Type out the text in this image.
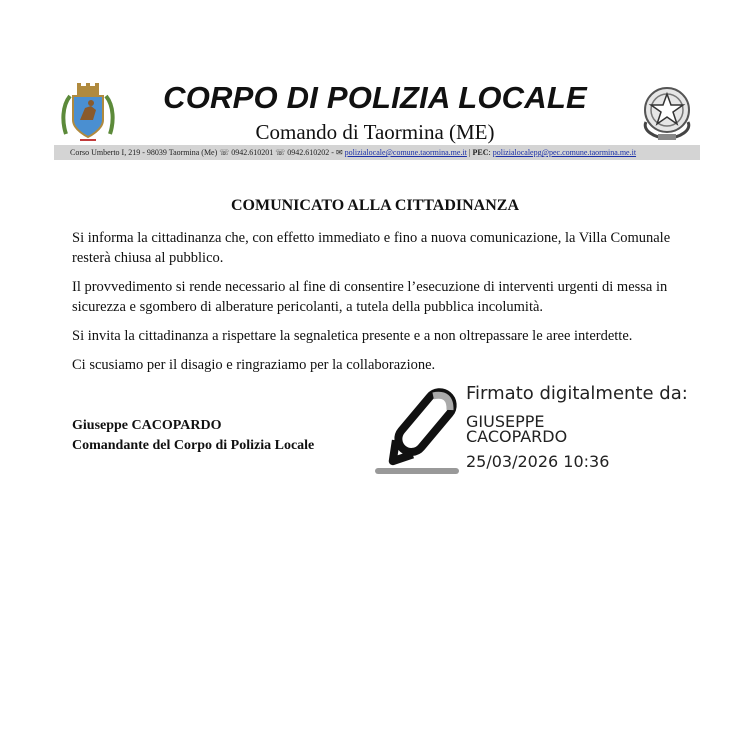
CORPO DI POLIZIA LOCALE
Comando di Taormina (ME)
Corso Umberto I, 219 - 98039 Taormina (Me) ☏ 0942.610201 ☏ 0942.610202 - ✉ polizialocale@comune.taormina.me.it | PEC: polizialocalepg@pec.comune.taormina.me.it
COMUNICATO ALLA CITTADINANZA

Si informa la cittadinanza che, con effetto immediato e fino a nuova comunicazione, la Villa Comunale resterà chiusa al pubblico.

Il provvedimento si rende necessario al fine di consentire l’esecuzione di interventi urgenti di messa in sicurezza e sgombero di alberature pericolanti, a tutela della pubblica incolumità.

Si invita la cittadinanza a rispettare la segnaletica presente e a non oltrepassare le aree interdette.

Ci scusiamo per il disagio e ringraziamo per la collaborazione.

Giuseppe CACOPARDO
Comandante del Corpo di Polizia Locale
Firmato digitalmente da:
GIUSEPPE
CACOPARDO
25/03/2026 10:36
